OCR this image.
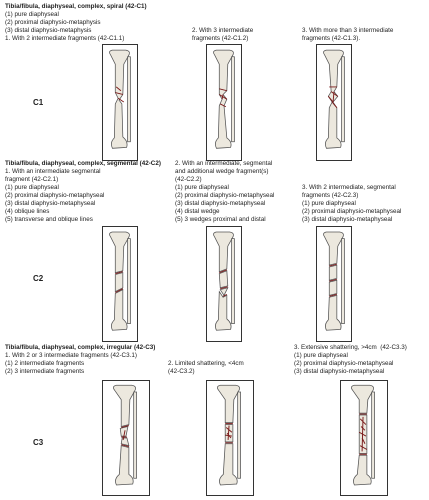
Tibia/fibula, diaphyseal, complex, spiral (42-C1)
(1) pure diaphyseal
(2) proximal diaphysio-metaphysis
(3) distal diaphysio-metaphysis
1. With 2 intermediate fragments (42-C1.1)
2. With 3 intermediate
fragments (42-C1.2)
3. With more than 3 intermediate
fragments (42-C1.3).
C1
Tibia/fibula, diaphyseal, complex, segmental (42-C2)
1. With an intermediate segmental
fragment (42-C2.1)
(1) pure diaphyseal
(2) proximal diaphysio-metaphyseal
(3) distal diaphysio-metaphyseal
(4) oblique lines
(5) transverse and oblique lines
2. With an intermediate, segmental
and additional wedge fragment(s)
(42-C2.2)
(1) pure diaphyseal
(2) proximal diaphysio-metaphyseal
(3) distal diaphysio-metaphyseal
(4) distal wedge
(5) 3 wedges proximal and distal
3. With 2 intermediate, segmental
fragments (42-C2.3)
(1) pure diaphyseal
(2) proximal diaphysio-metaphyseal
(3) distal diaphysio-metaphyseal
C2
Tibia/fibula, diaphyseal, complex, irregular (42-C3)
1. With 2 or 3 intermediate fragments (42-C3.1)
(1) 2 intermediate fragments
(2) 3 intermediate fragments
2. Limited shattering, <4cm
(42-C3.2)
3. Extensive shattering, >4cm  (42-C3.3)
(1) pure diaphyseal
(2) proximal diaphysio-metaphyseal
(3) distal diaphysio-metaphyseal
C3
